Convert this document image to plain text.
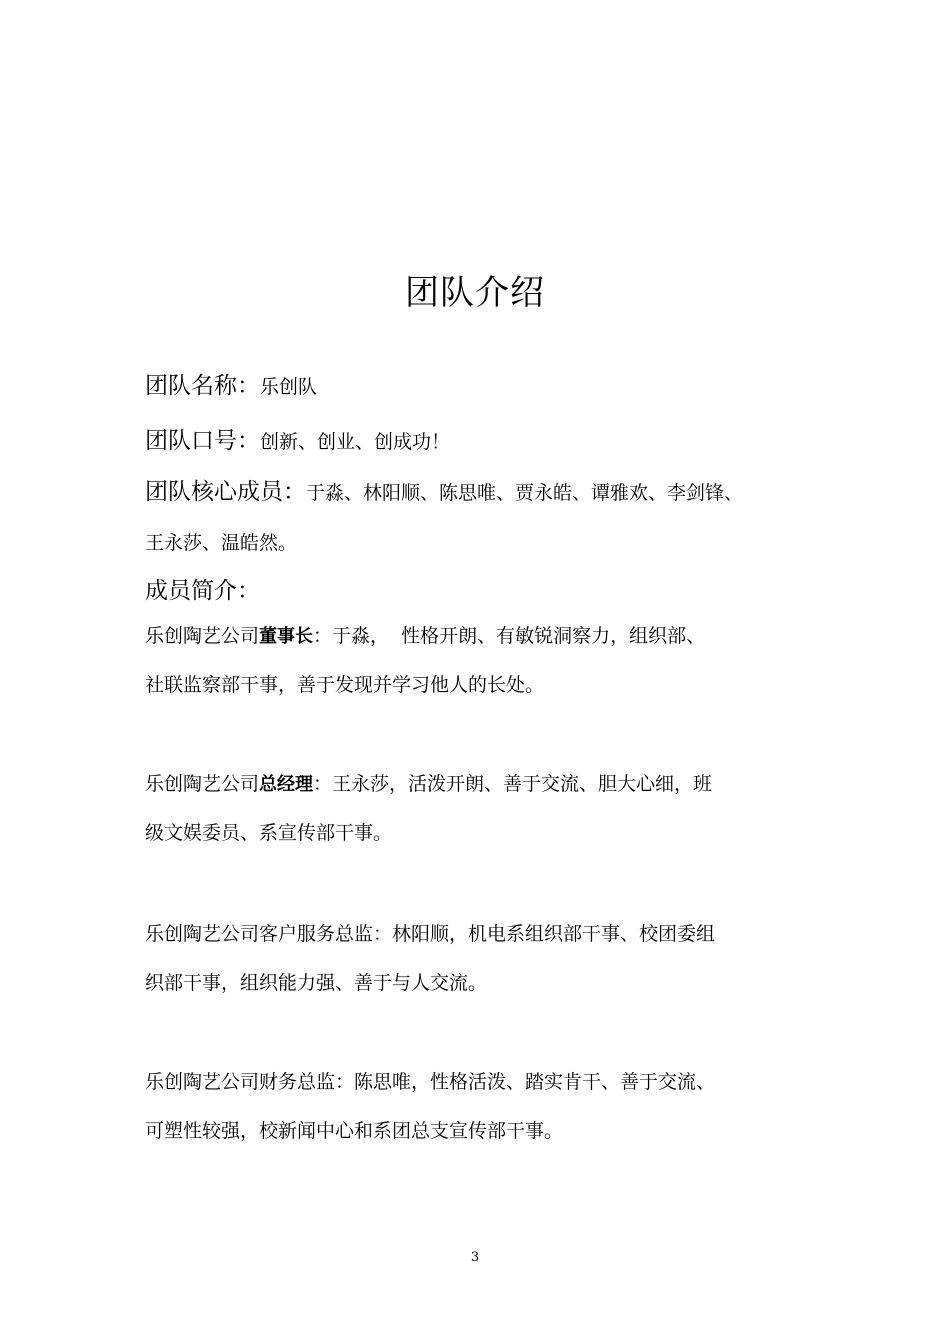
团队介绍
团队名称：乐创队
团队口号：创新、创业、创成功！
团队核心成员：于淼、林阳顺、陈思唯、贾永皓、谭雅欢、李剑锋、
王永莎、温皓然。
成员简介：
乐创陶艺公司董事长：于淼，  性格开朗、有敏锐洞察力，组织部、
社联监察部干事，善于发现并学习他人的长处。
乐创陶艺公司总经理：王永莎，活泼开朗、善于交流、胆大心细，班
级文娱委员、系宣传部干事。
乐创陶艺公司客户服务总监：林阳顺，机电系组织部干事、校团委组
织部干事，组织能力强、善于与人交流。
乐创陶艺公司财务总监：陈思唯，性格活泼、踏实肯干、善于交流、
可塑性较强，校新闻中心和系团总支宣传部干事。
3
